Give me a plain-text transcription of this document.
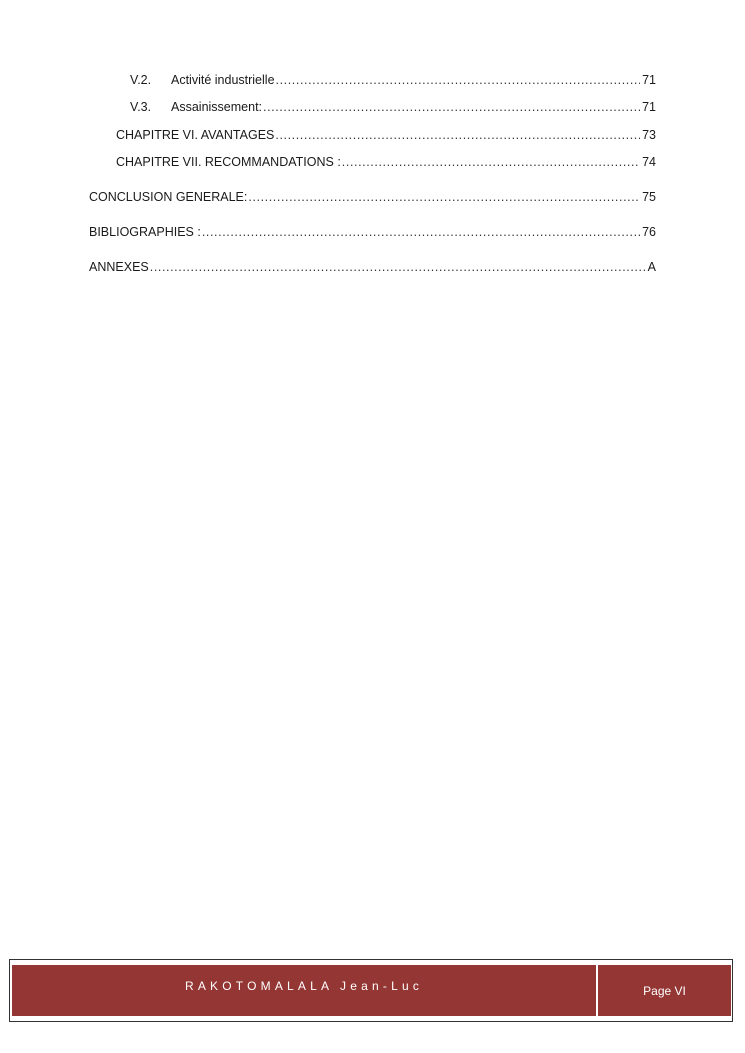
V.2.	Activité industrielle .....	71
V.3.	Assainissement: .....	71
CHAPITRE VI. AVANTAGES .....	73
CHAPITRE VII. RECOMMANDATIONS : .....	74
CONCLUSION GENERALE: .....	75
BIBLIOGRAPHIES : .....	76
ANNEXES .....	A
RAKOTOMALALA Jean-Luc	Page VI
